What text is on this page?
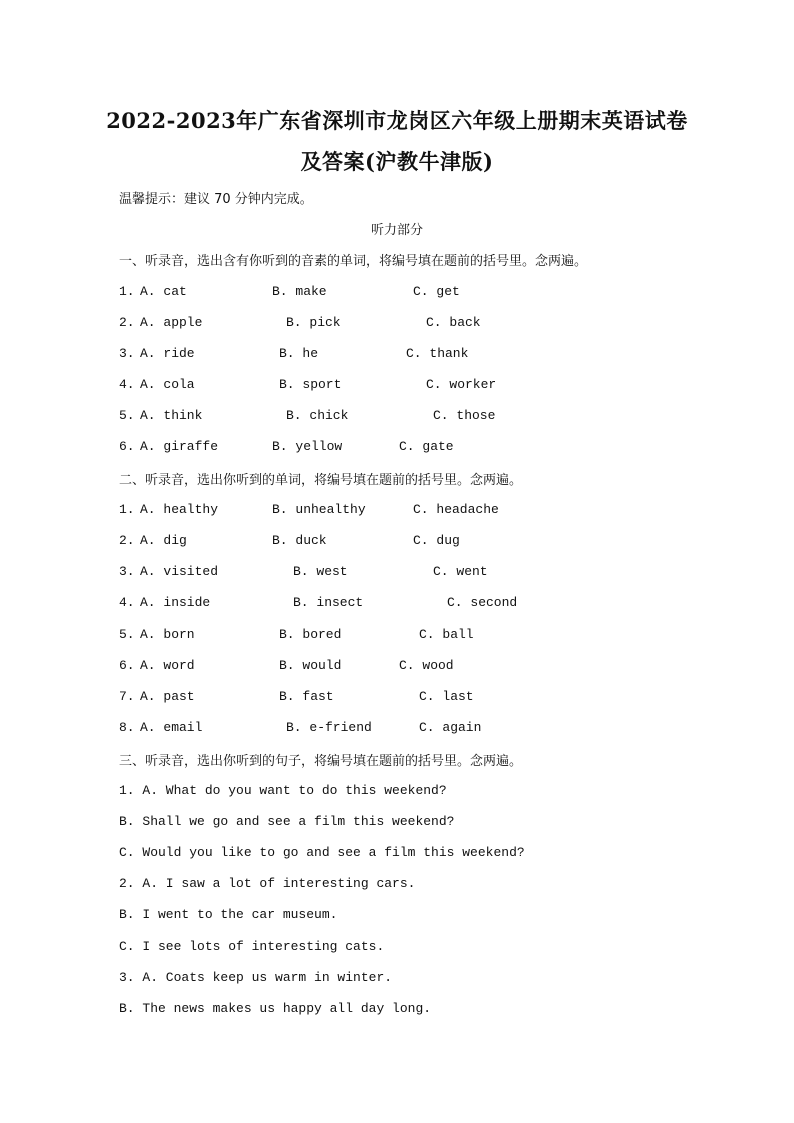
2022-2023年广东省深圳市龙岗区六年级上册期末英语试卷
及答案(沪教牛津版)
温馨提示：建议 70 分钟内完成。
听力部分
一、听录音，选出含有你听到的音素的单词，将编号填在题前的括号里。念两遍。
1. A. cat	B. make	C. get
2. A. apple	B. pick	C. back
3. A. ride	B. he	C. thank
4. A. cola	B. sport	C. worker
5. A. think	B. chick	C. those
6. A. giraffe	B. yellow	C. gate
二、听录音，选出你听到的单词，将编号填在题前的括号里。念两遍。
1. A. healthy	B. unhealthy	C. headache
2. A. dig	B. duck	C. dug
3. A. visited	B. west	C. went
4. A. inside	B. insect	C. second
5. A. born	B. bored	C. ball
6. A. word	B. would	C. wood
7. A. past	B. fast	C. last
8. A. email	B. e-friend	C. again
三、听录音，选出你听到的句子，将编号填在题前的括号里。念两遍。
1. A. What do you want to do this weekend?
B. Shall we go and see a film this weekend?
C. Would you like to go and see a film this weekend?
2. A. I saw a lot of interesting cars.
B. I went to the car museum.
C. I see lots of interesting cats.
3. A. Coats keep us warm in winter.
B. The news makes us happy all day long.
